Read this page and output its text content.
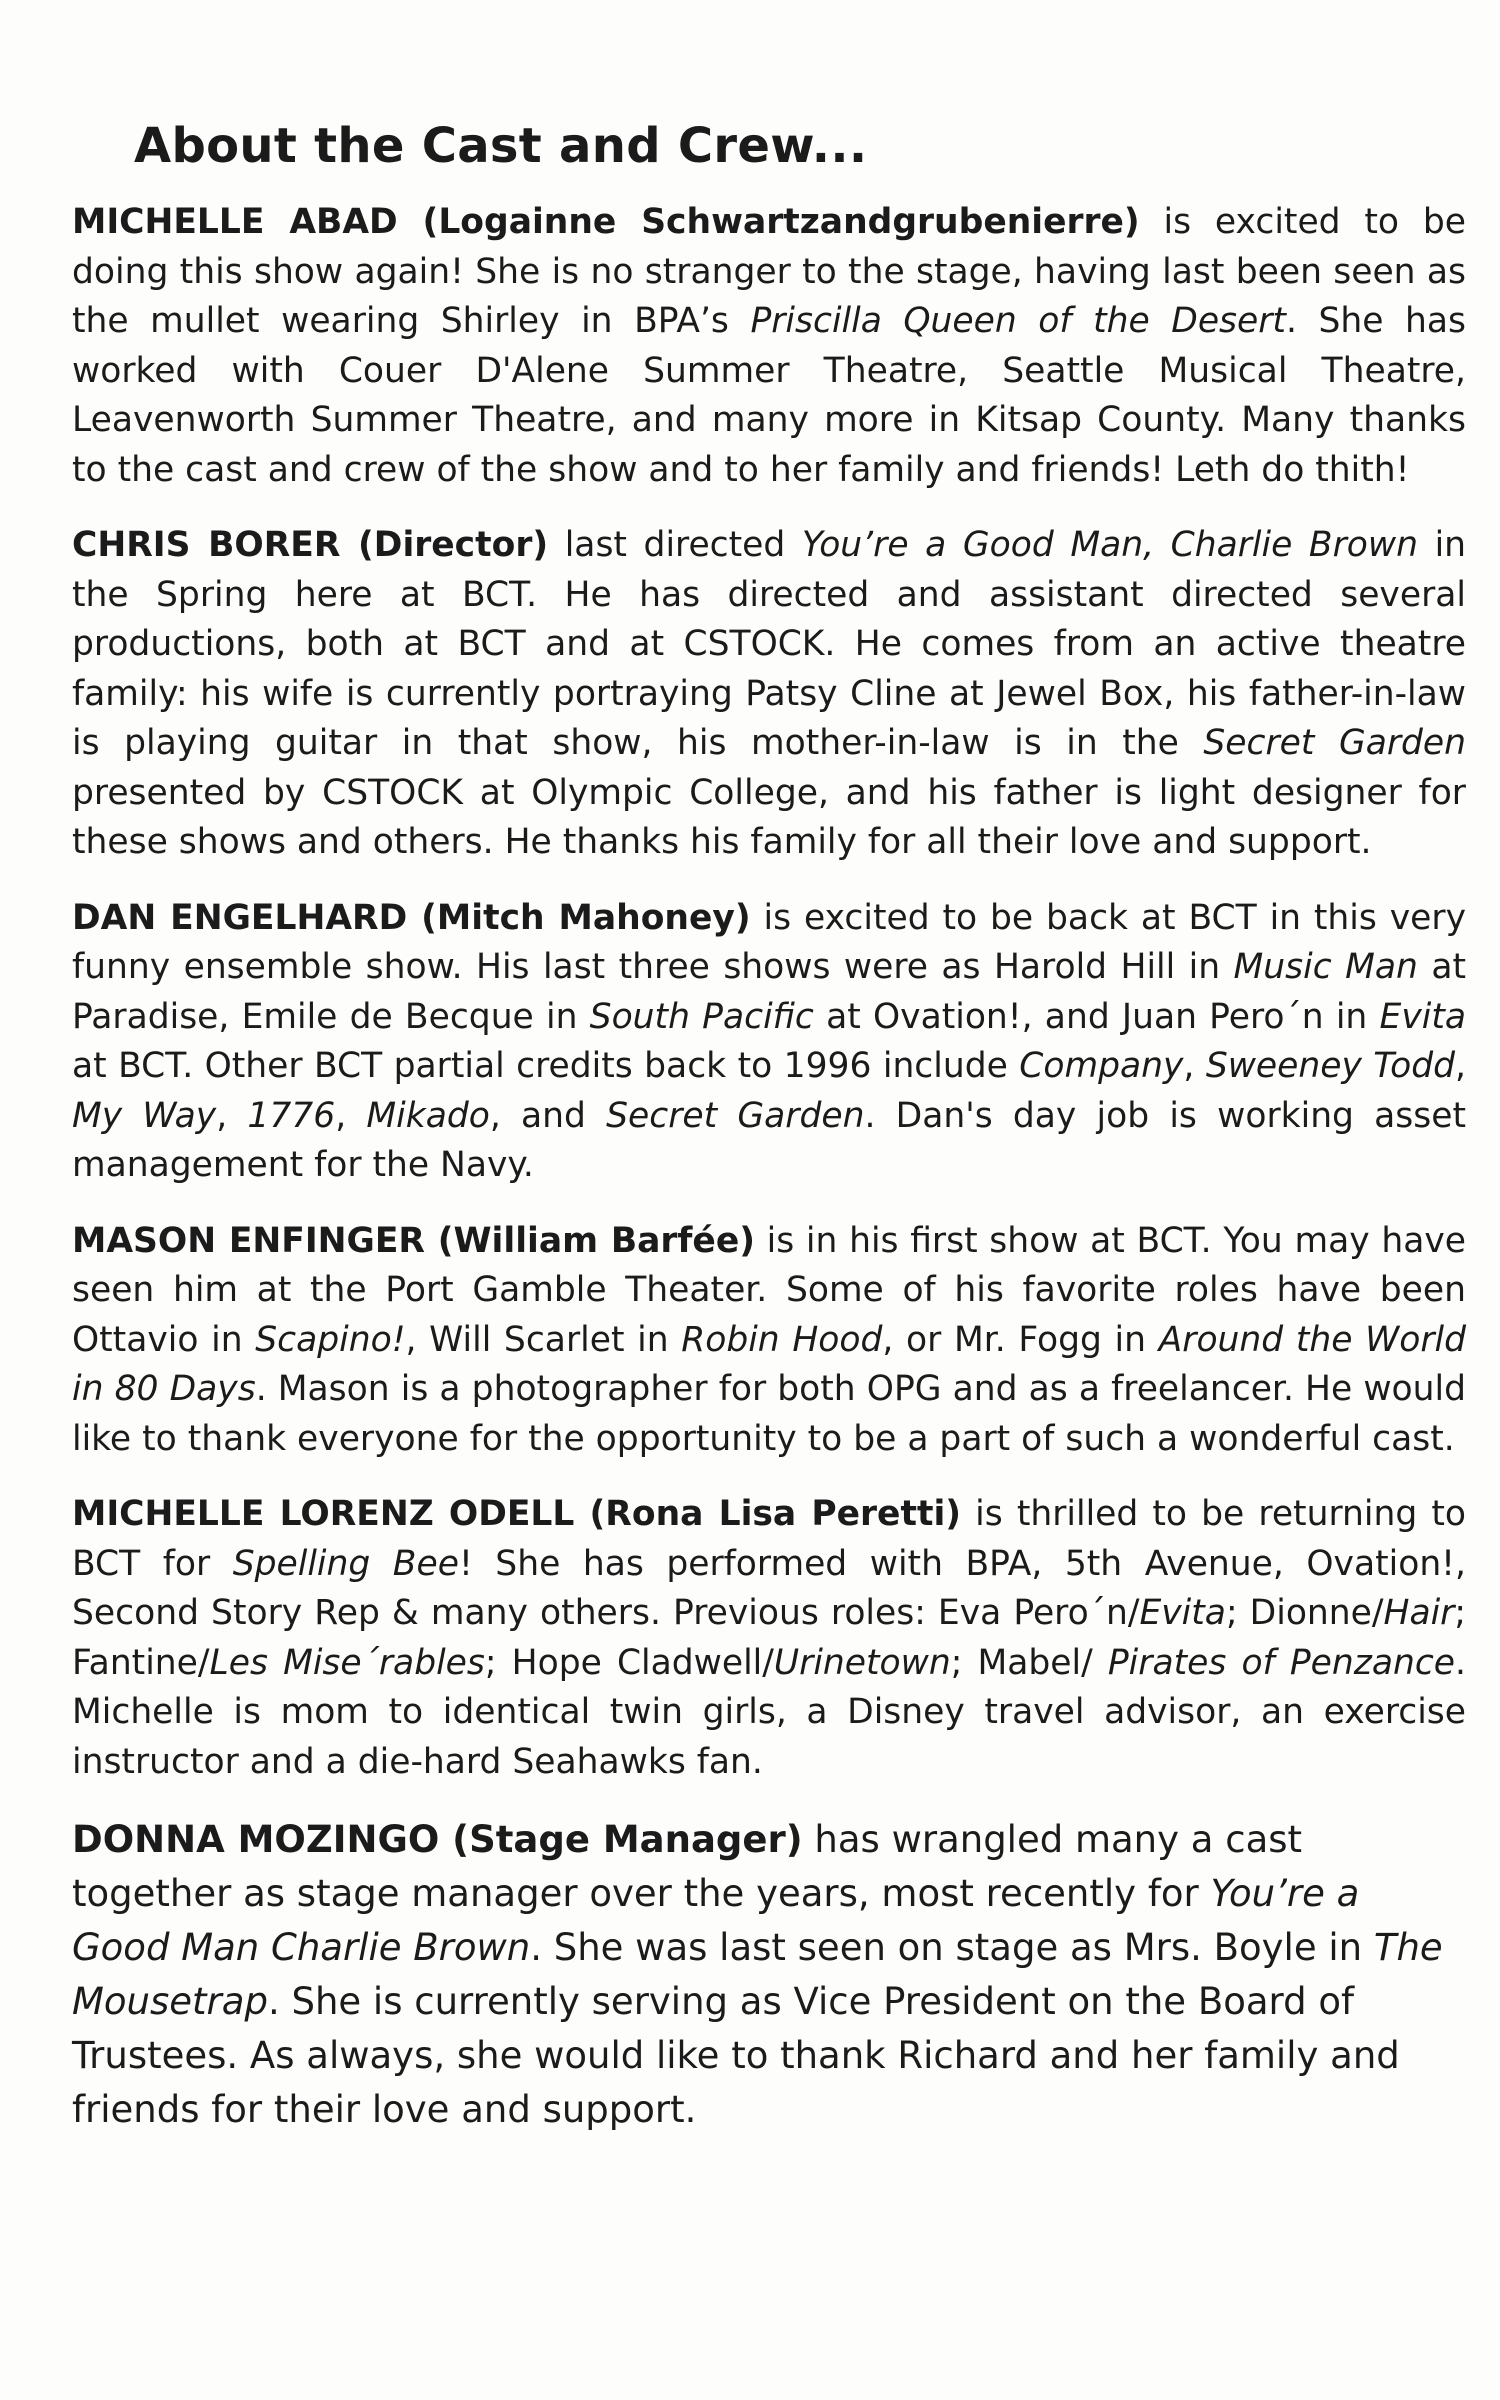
About the Cast and Crew...

MICHELLE ABAD (Logainne Schwartzandgrubenierre) is excited to be doing this show again! She is no stranger to the stage, having last been seen as the mullet wearing Shirley in BPA’s Priscilla Queen of the Desert. She has worked with Couer D'Alene Summer Theatre, Seattle Musical Theatre, Leavenworth Summer Theatre, and many more in Kitsap County. Many thanks to the cast and crew of the show and to her family and friends! Leth do thith!

CHRIS BORER (Director) last directed You’re a Good Man, Charlie Brown in the Spring here at BCT. He has directed and assistant directed several productions, both at BCT and at CSTOCK. He comes from an active theatre family: his wife is currently portraying Patsy Cline at Jewel Box, his father-in-law is playing guitar in that show, his mother-in-law is in the Secret Garden presented by CSTOCK at Olympic College, and his father is light designer for these shows and others. He thanks his family for all their love and support.

DAN ENGELHARD (Mitch Mahoney) is excited to be back at BCT in this very funny ensemble show. His last three shows were as Harold Hill in Music Man at Paradise, Emile de Becque in South Pacific at Ovation!, and Juan Pero´n in Evita at BCT. Other BCT partial credits back to 1996 include Company, Sweeney Todd, My Way, 1776, Mikado, and Secret Garden. Dan's day job is working asset management for the Navy.

MASON ENFINGER (William Barfée) is in his first show at BCT. You may have seen him at the Port Gamble Theater. Some of his favorite roles have been Ottavio in Scapino!, Will Scarlet in Robin Hood, or Mr. Fogg in Around the World in 80 Days. Mason is a photographer for both OPG and as a freelancer. He would like to thank everyone for the opportunity to be a part of such a wonderful cast.

MICHELLE LORENZ ODELL (Rona Lisa Peretti) is thrilled to be returning to BCT for Spelling Bee! She has performed with BPA, 5th Avenue, Ovation!, Second Story Rep & many others. Previous roles: Eva Pero´n/Evita; Dionne/Hair; Fantine/Les Mise´rables; Hope Cladwell/Urinetown; Mabel/ Pirates of Penzance. Michelle is mom to identical twin girls, a Disney travel advisor, an exercise instructor and a die-hard Seahawks fan.

DONNA MOZINGO (Stage Manager) has wrangled many a cast together as stage manager over the years, most recently for You’re a Good Man Charlie Brown. She was last seen on stage as Mrs. Boyle in The Mousetrap. She is currently serving as Vice President on the Board of Trustees. As always, she would like to thank Richard and her family and friends for their love and support.
